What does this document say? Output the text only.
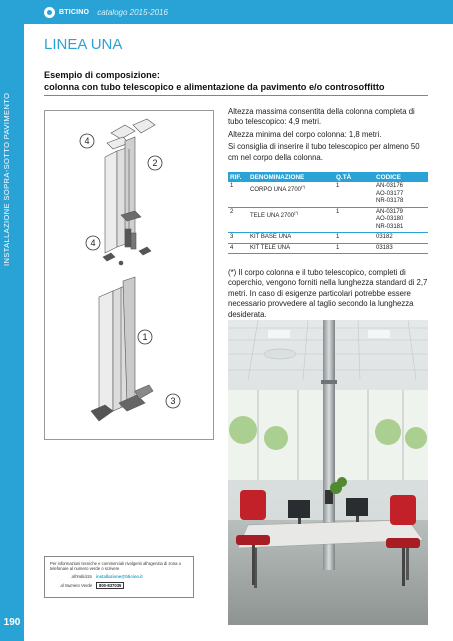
BTICINO catalogo 2015-2016
INSTALLAZIONE SOPRA-SOTTO PAVIMENTO
190
LINEA UNA
Esempio di composizione:
colonna con tubo telescopico e alimentazione da pavimento e/o controsoffitto
4
2
4
1
3

Altezza massima consentita della colonna completa di tubo telescopico: 4,9 metri.

Altezza minima del corpo colonna: 1,8 metri.

Si consiglia di inserire il tubo telescopico per almeno 50 cm nel corpo della colonna.

RIF.	DENOMINAZIONE	Q.TÀ	CODICE
1	CORPO UNA 2700(*)	1	AN-03176
AO-03177
NR-03178

2	TELE UNA 2700(*)	1	AN-03179
AO-03180
NR-03181

3	KIT BASE UNA	1	03182

4	KIT TELE UNA	1	03183
(*) Il corpo colonna e il tubo telescopico, completi di coperchio, vengono forniti nella lunghezza standard di 2,7 metri. In caso di esigenze particolari potrebbe essere necessario provvedere al taglio secondo la lunghezza desiderata.
Per informazioni tecniche e commerciali rivolgersi all'agenzia di zona o telefonare al numero verde o scrivere
all'indirizzo installazione@bticino.it
al Numero Verde	800-837035
